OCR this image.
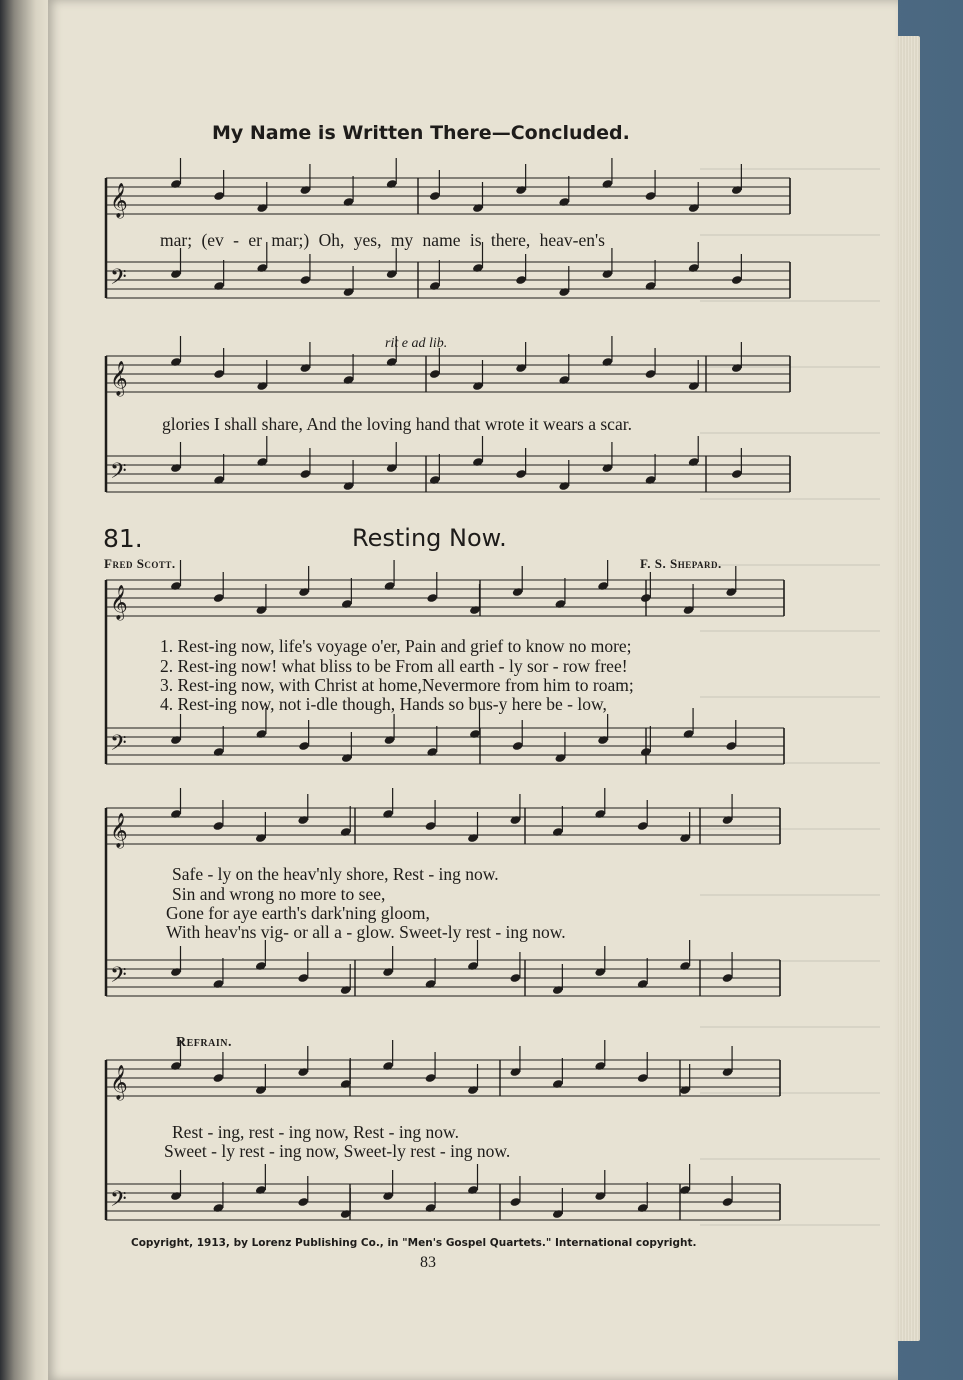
𝄞
𝄢
𝄞
𝄢
𝄞
𝄢
𝄞
𝄢
𝄞
𝄢
My Name is Written There—Concluded.
mar; (ev - er mar;) Oh, yes, my name is there, heav-en's
rit e ad lib.
glories I shall share, And the loving hand that wrote it wears a scar.
81.	Resting Now.
Fred Scott.	F. S. Shepard.
1. Rest-ing now, life's voyage o'er, Pain and grief to know no more;
2. Rest-ing now! what bliss to be From all earth - ly sor - row free!
3. Rest-ing now, with Christ at home,Nevermore from him to roam;
4. Rest-ing now, not i-dle though, Hands so bus-y here be - low,
Safe - ly on the heav'nly shore, Rest - ing now.
Sin and wrong no more to see,
Gone for aye earth's dark'ning gloom,
With heav'ns vig- or all a - glow. Sweet-ly rest - ing now.
Refrain.
Rest - ing, rest - ing now, Rest - ing now.
Sweet - ly rest - ing now, Sweet-ly rest - ing now.
Copyright, 1913, by Lorenz Publishing Co., in "Men's Gospel Quartets." International copyright.
83
